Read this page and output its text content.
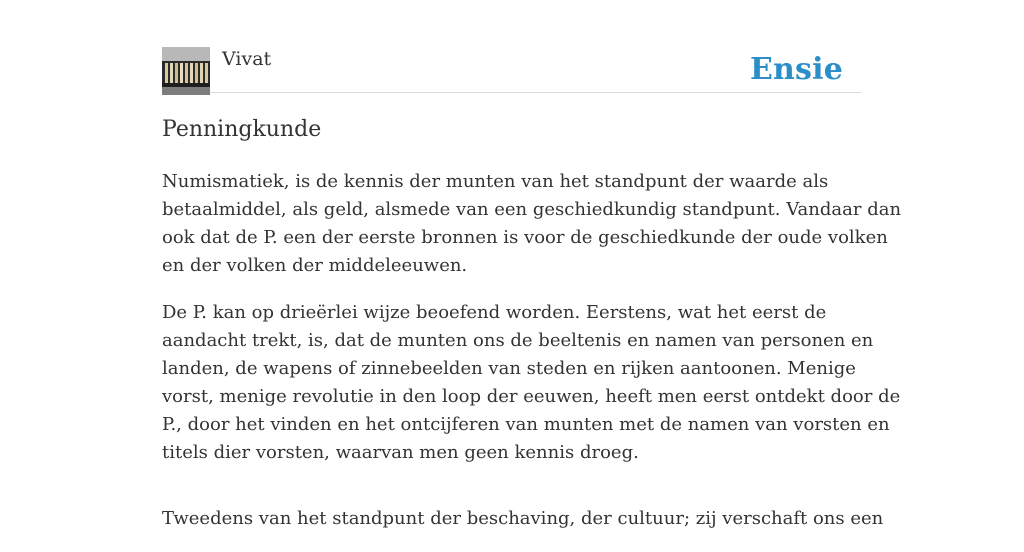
Vivat	Ensie
Penningkunde

Numismatiek, is de kennis der munten van het standpunt der waarde als
betaalmiddel, als geld, alsmede van een geschiedkundig standpunt. Vandaar dan
ook dat de P. een der eerste bronnen is voor de geschiedkunde der oude volken
en der volken der middeleeuwen.

De P. kan op drieërlei wijze beoefend worden. Eerstens, wat het eerst de
aandacht trekt, is, dat de munten ons de beeltenis en namen van personen en
landen, de wapens of zinnebeelden van steden en rijken aantoonen. Menige
vorst, menige revolutie in den loop der eeuwen, heeft men eerst ontdekt door de
P., door het vinden en het ontcijferen van munten met de namen van vorsten en
titels dier vorsten, waarvan men geen kennis droeg.

Tweedens van het standpunt der beschaving, der cultuur; zij verschaft ons een
